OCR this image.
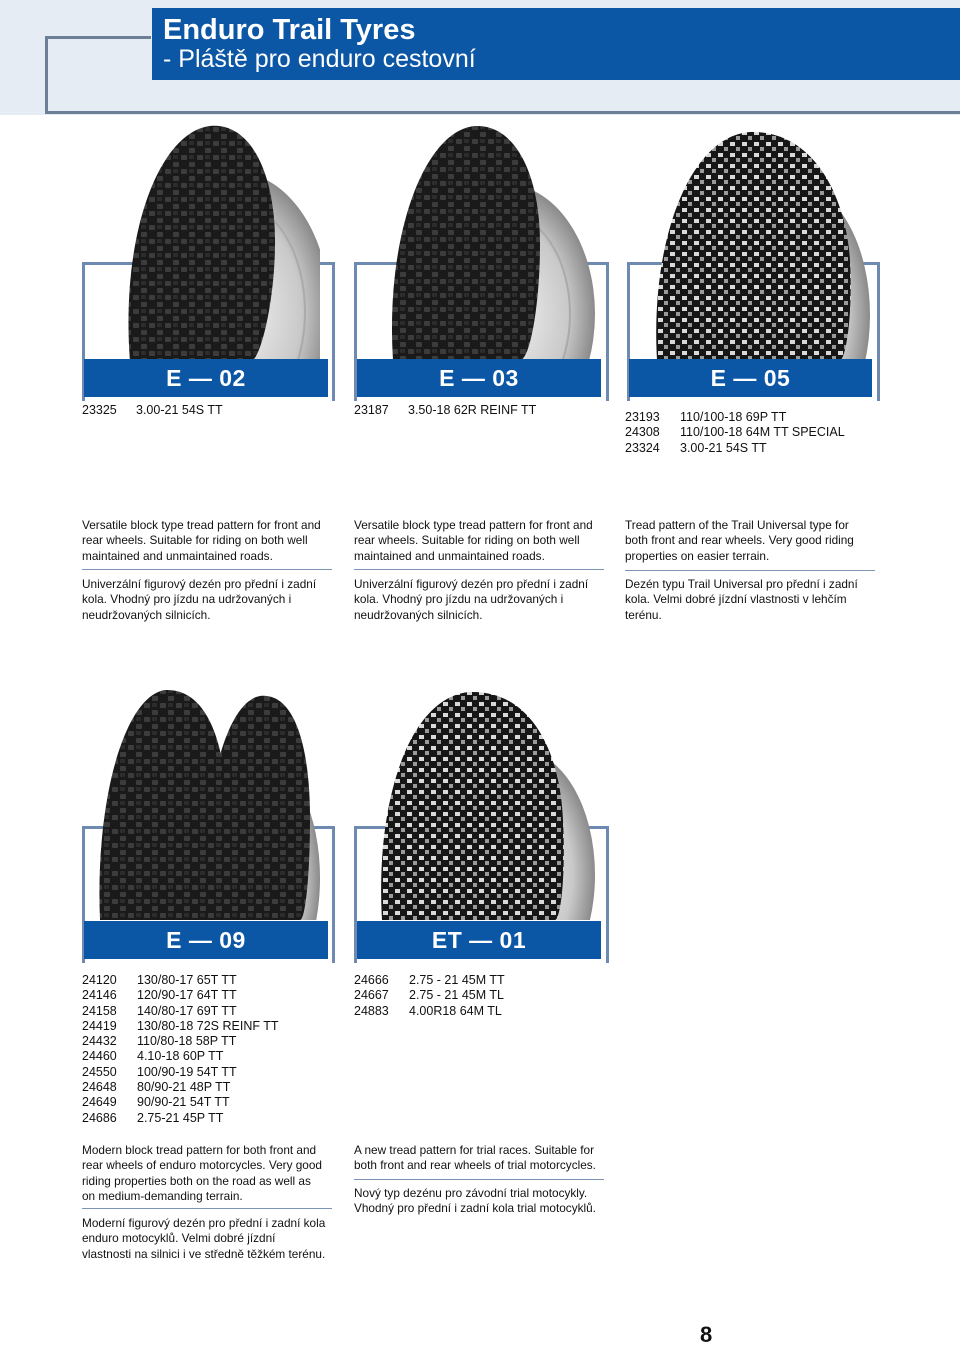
Enduro Trail Tyres
- Pláště pro enduro cestovní
E — 02
23325	3.00-21 54S TT

Versatile block type tread pattern for front and rear wheels. Suitable for riding on both well maintained and unmaintained roads.

Univerzální figurový dezén pro přední i zadní kola. Vhodný pro jízdu na udržovaných i neudržovaných silnicích.

E — 03
23187	3.50-18 62R REINF TT

Versatile block type tread pattern for front and rear wheels. Suitable for riding on both well maintained and unmaintained roads.

Univerzální figurový dezén pro přední i zadní kola. Vhodný pro jízdu na udržovaných i neudržovaných silnicích.

E — 05
23193	110/100-18 69P TT
24308	110/100-18 64M TT SPECIAL
23324	3.00-21 54S TT

Tread pattern of the Trail Universal type for both front and rear wheels. Very good riding properties on easier terrain.

Dezén typu Trail Universal pro přední i zadní kola. Velmi dobré jízdní vlastnosti v lehčím terénu.

E — 09
24120	130/80-17 65T TT
24146	120/90-17 64T TT
24158	140/80-17 69T TT
24419	130/80-18 72S REINF TT
24432	110/80-18 58P TT
24460	4.10-18 60P TT
24550	100/90-19 54T TT
24648	80/90-21 48P TT
24649	90/90-21 54T TT
24686	2.75-21 45P TT

Modern block tread pattern for both front and rear wheels of enduro motorcycles. Very good riding properties both on the road as well as on medium-demanding terrain.

Moderní figurový dezén pro přední i zadní kola enduro motocyklů. Velmi dobré jízdní vlastnosti na silnici i ve středně těžkém terénu.

ET — 01
24666	2.75 - 21 45M TT
24667	2.75 - 21 45M TL
24883	4.00R18 64M TL

A new tread pattern for trial races. Suitable for both front and rear wheels of trial motorcycles.

Nový typ dezénu pro závodní trial motocykly. Vhodný pro přední i zadní kola trial motocyklů.

8
